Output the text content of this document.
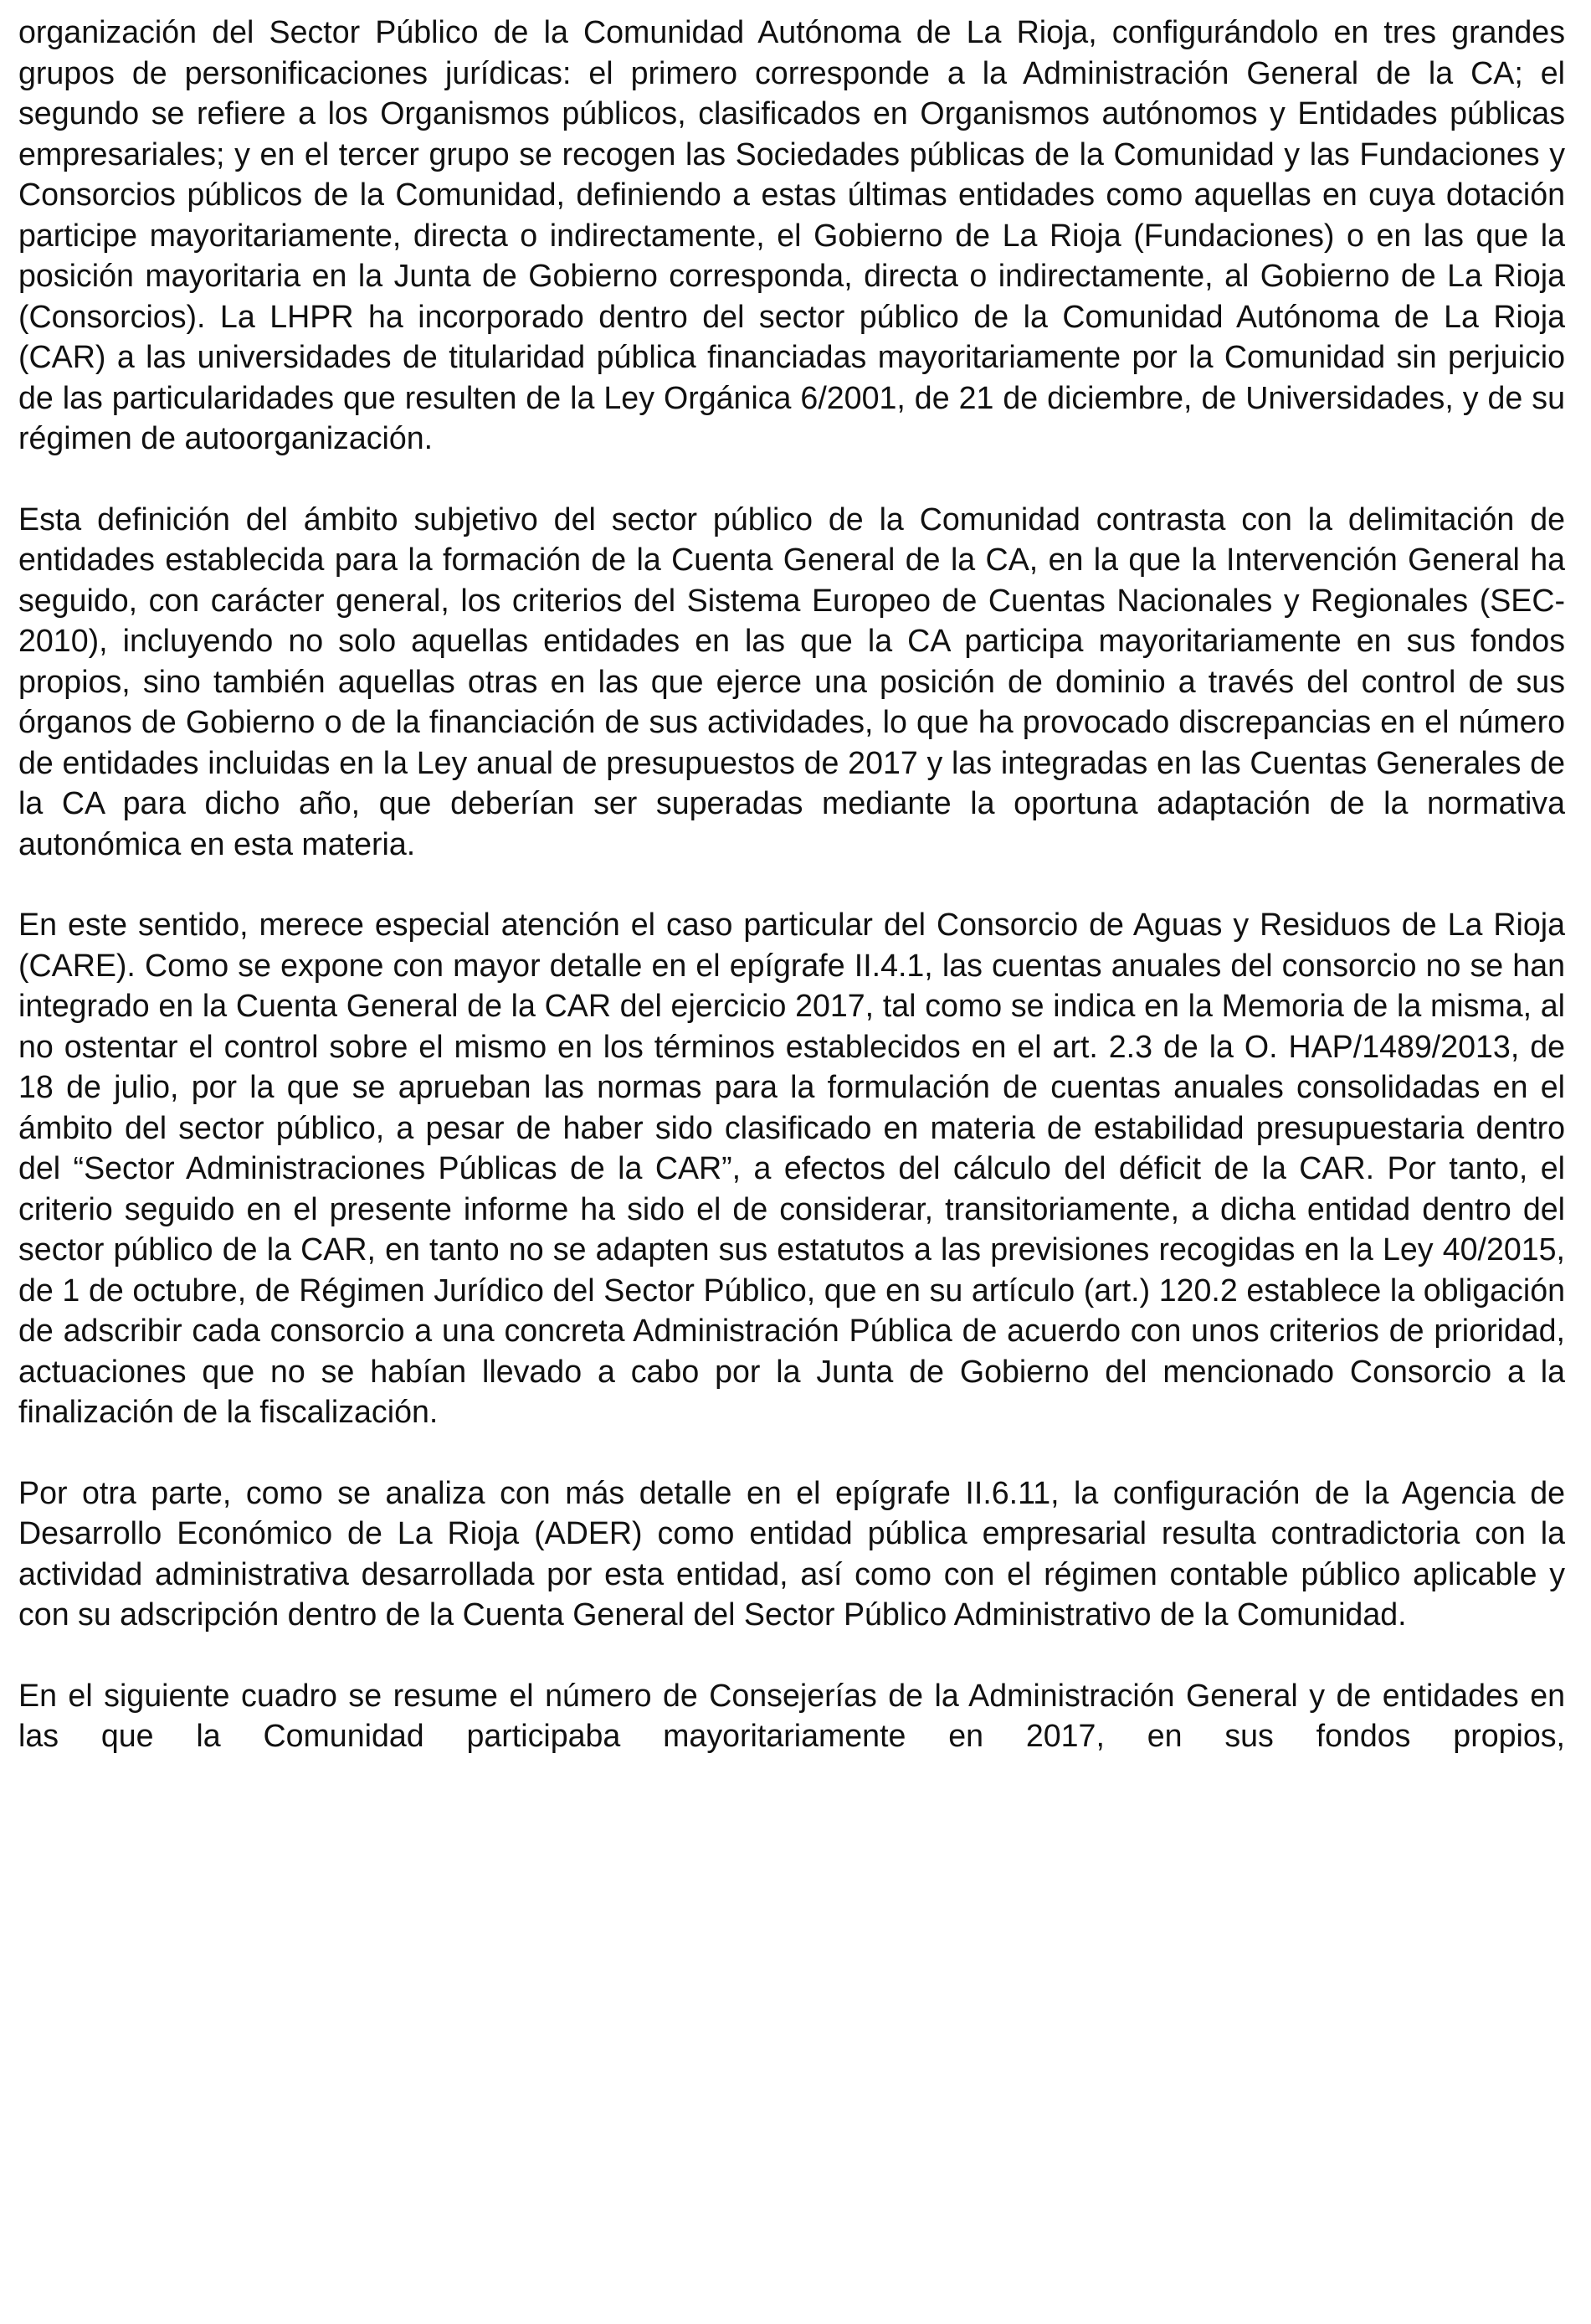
organización del Sector Público de la Comunidad Autónoma de La Rioja, configurándolo en tres grandes grupos de personificaciones jurídicas: el primero corresponde a la Administración General de la CA; el segundo se refiere a los Organismos públicos, clasificados en Organismos autónomos y Entidades públicas empresariales; y en el tercer grupo se recogen las Sociedades públicas de la Comunidad y las Fundaciones y Consorcios públicos de la Comunidad, definiendo a estas últimas entidades como aquellas en cuya dotación participe mayoritariamente, directa o indirectamente, el Gobierno de La Rioja (Fundaciones) o en las que la posición mayoritaria en la Junta de Gobierno corresponda, directa o indirectamente, al Gobierno de La Rioja (Consorcios). La LHPR ha incorporado dentro del sector público de la Comunidad Autónoma de La Rioja (CAR) a las universidades de titularidad pública financiadas mayoritariamente por la Comunidad sin perjuicio de las particularidades que resulten de la Ley Orgánica 6/2001, de 21 de diciembre, de Universidades, y de su régimen de autoorganización.

Esta definición del ámbito subjetivo del sector público de la Comunidad contrasta con la delimitación de entidades establecida para la formación de la Cuenta General de la CA, en la que la Intervención General ha seguido, con carácter general, los criterios del Sistema Europeo de Cuentas Nacionales y Regionales (SEC-2010), incluyendo no solo aquellas entidades en las que la CA participa mayoritariamente en sus fondos propios, sino también aquellas otras en las que ejerce una posición de dominio a través del control de sus órganos de Gobierno o de la financiación de sus actividades, lo que ha provocado discrepancias en el número de entidades incluidas en la Ley anual de presupuestos de 2017 y las integradas en las Cuentas Generales de la CA para dicho año, que deberían ser superadas mediante la oportuna adaptación de la normativa autonómica en esta materia.

En este sentido, merece especial atención el caso particular del Consorcio de Aguas y Residuos de La Rioja (CARE). Como se expone con mayor detalle en el epígrafe II.4.1, las cuentas anuales del consorcio no se han integrado en la Cuenta General de la CAR del ejercicio 2017, tal como se indica en la Memoria de la misma, al no ostentar el control sobre el mismo en los términos establecidos en el art. 2.3 de la O. HAP/1489/2013, de 18 de julio, por la que se aprueban las normas para la formulación de cuentas anuales consolidadas en el ámbito del sector público, a pesar de haber sido clasificado en materia de estabilidad presupuestaria dentro del “Sector Administraciones Públicas de la CAR”, a efectos del cálculo del déficit de la CAR. Por tanto, el criterio seguido en el presente informe ha sido el de considerar, transitoriamente, a dicha entidad dentro del sector público de la CAR, en tanto no se adapten sus estatutos a las previsiones recogidas en la Ley 40/2015, de 1 de octubre, de Régimen Jurídico del Sector Público, que en su artículo (art.) 120.2 establece la obligación de adscribir cada consorcio a una concreta Administración Pública de acuerdo con unos criterios de prioridad, actuaciones que no se habían llevado a cabo por la Junta de Gobierno del mencionado Consorcio a la finalización de la fiscalización.

Por otra parte, como se analiza con más detalle en el epígrafe II.6.11, la configuración de la Agencia de Desarrollo Económico de La Rioja (ADER) como entidad pública empresarial resulta contradictoria con la actividad administrativa desarrollada por esta entidad, así como con el régimen contable público aplicable y con su adscripción dentro de la Cuenta General del Sector Público Administrativo de la Comunidad.

En el siguiente cuadro se resume el número de Consejerías de la Administración General y de entidades en las que la Comunidad participaba mayoritariamente en 2017, en sus fondos propios,
